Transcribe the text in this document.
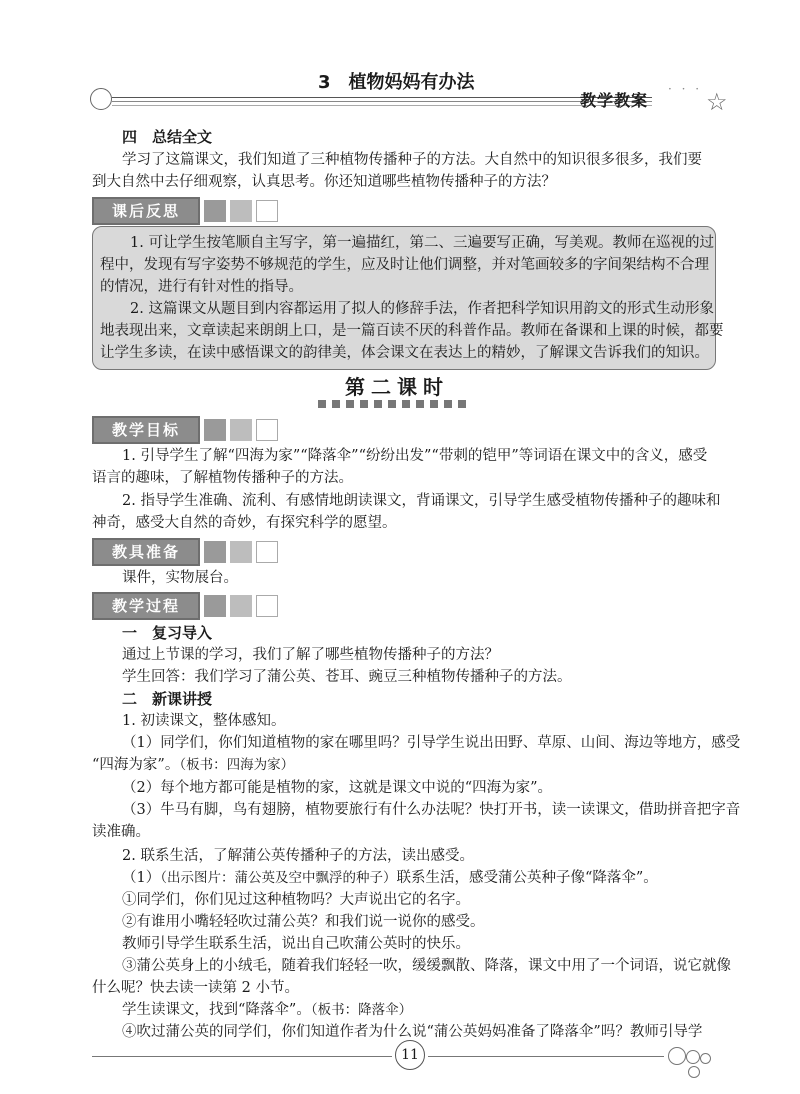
3　植物妈妈有办法
教学教案 ☆
· · ·
四　总结全文
学习了这篇课文，我们知道了三种植物传播种子的方法。大自然中的知识很多很多，我们要
到大自然中去仔细观察，认真思考。你还知道哪些植物传播种子的方法？
课后反思
1. 可让学生按笔顺自主写字，第一遍描红，第二、三遍要写正确，写美观。教师在巡视的过
程中，发现有写字姿势不够规范的学生，应及时让他们调整，并对笔画较多的字间架结构不合理
的情况，进行有针对性的指导。
2. 这篇课文从题目到内容都运用了拟人的修辞手法，作者把科学知识用韵文的形式生动形象
地表现出来，文章读起来朗朗上口，是一篇百读不厌的科普作品。教师在备课和上课的时候，都要
让学生多读，在读中感悟课文的韵律美，体会课文在表达上的精妙，了解课文告诉我们的知识。
第二课时
教学目标
1. 引导学生了解“四海为家”“降落伞”“纷纷出发”“带刺的铠甲”等词语在课文中的含义，感受
语言的趣味，了解植物传播种子的方法。
2. 指导学生准确、流利、有感情地朗读课文，背诵课文，引导学生感受植物传播种子的趣味和
神奇，感受大自然的奇妙，有探究科学的愿望。
教具准备
课件，实物展台。
教学过程
一　复习导入
通过上节课的学习，我们了解了哪些植物传播种子的方法？
学生回答：我们学习了蒲公英、苍耳、豌豆三种植物传播种子的方法。
二　新课讲授
1. 初读课文，整体感知。
（1）同学们，你们知道植物的家在哪里吗？引导学生说出田野、草原、山间、海边等地方，感受
“四海为家”。（板书：四海为家）
（2）每个地方都可能是植物的家，这就是课文中说的“四海为家”。
（3）牛马有脚，鸟有翅膀，植物要旅行有什么办法呢？快打开书，读一读课文，借助拼音把字音
读准确。
2. 联系生活，了解蒲公英传播种子的方法，读出感受。
（1）（出示图片：蒲公英及空中飘浮的种子）联系生活，感受蒲公英种子像“降落伞”。
①同学们，你们见过这种植物吗？大声说出它的名字。
②有谁用小嘴轻轻吹过蒲公英？和我们说一说你的感受。
教师引导学生联系生活，说出自己吹蒲公英时的快乐。
③蒲公英身上的小绒毛，随着我们轻轻一吹，缓缓飘散、降落，课文中用了一个词语，说它就像
什么呢？快去读一读第 2 小节。
学生读课文，找到“降落伞”。（板书：降落伞）
④吹过蒲公英的同学们，你们知道作者为什么说“蒲公英妈妈准备了降落伞”吗？教师引导学
11
